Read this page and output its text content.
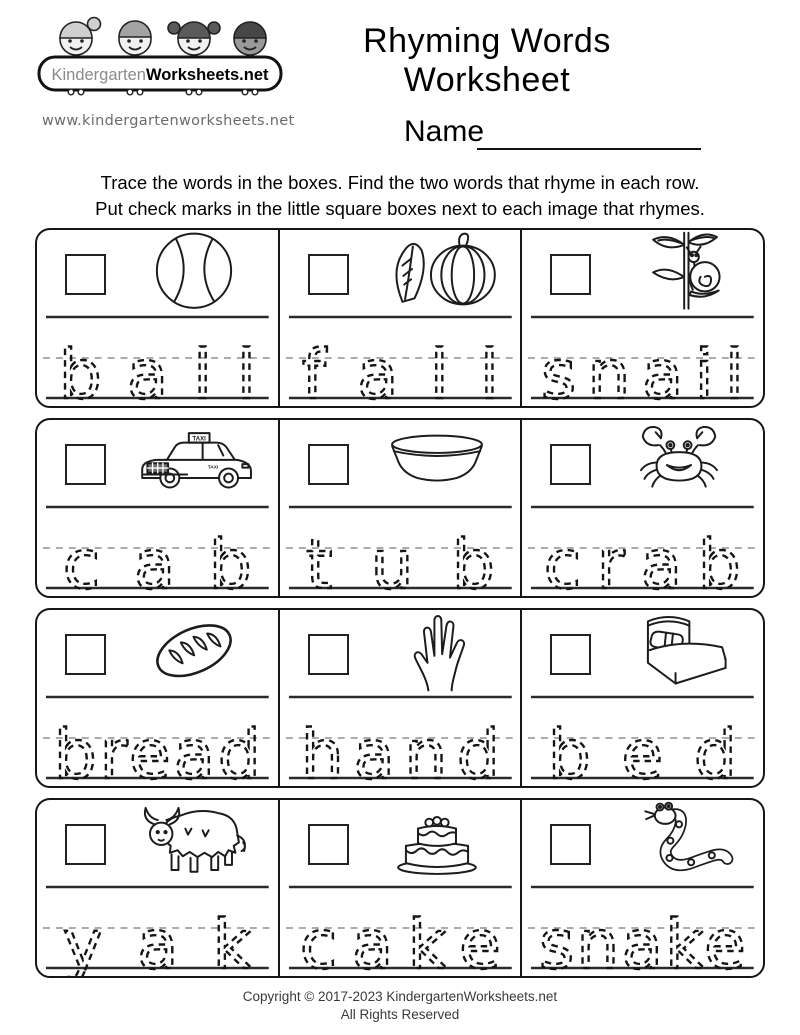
KindergartenWorksheets.net
www.kindergartenworksheets.net
Rhyming Words Worksheet
Name
Trace the words in the boxes. Find the two words that rhyme in each row.
Put check marks in the little square boxes next to each image that rhymes.
ball fall snail
TAXI
TAXI
cab tub crab
bread hand bed
yak cake snake
Copyright © 2017-2023 KindergartenWorksheets.net
All Rights Reserved
